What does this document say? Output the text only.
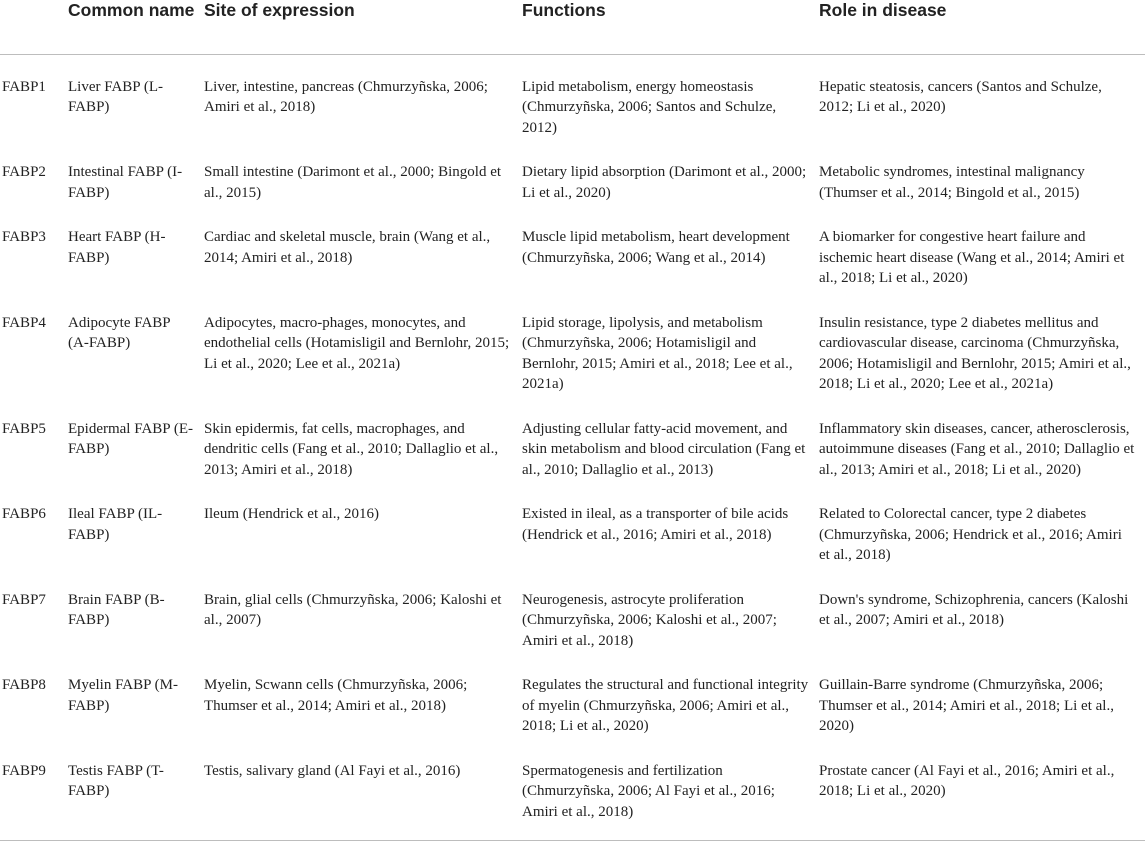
	Common name	Site of expression	Functions	Role in disease
FABP1	Liver FABP (L-FABP)	Liver, intestine, pancreas (Chmurzyñska, 2006; Amiri et al., 2018)	Lipid metabolism, energy homeostasis (Chmurzyñska, 2006; Santos and Schulze, 2012)	Hepatic steatosis, cancers (Santos and Schulze, 2012; Li et al., 2020)
FABP2	Intestinal FABP (I-FABP)	Small intestine (Darimont et al., 2000; Bingold et al., 2015)	Dietary lipid absorption (Darimont et al., 2000; Li et al., 2020)	Metabolic syndromes, intestinal malignancy (Thumser et al., 2014; Bingold et al., 2015)
FABP3	Heart FABP (H-FABP)	Cardiac and skeletal muscle, brain (Wang et al., 2014; Amiri et al., 2018)	Muscle lipid metabolism, heart development (Chmurzyñska, 2006; Wang et al., 2014)	A biomarker for congestive heart failure and ischemic heart disease (Wang et al., 2014; Amiri et al., 2018; Li et al., 2020)
FABP4	Adipocyte FABP (A-FABP)	Adipocytes, macro-phages, monocytes, and endothelial cells (Hotamisligil and Bernlohr, 2015; Li et al., 2020; Lee et al., 2021a)	Lipid storage, lipolysis, and metabolism (Chmurzyñska, 2006; Hotamisligil and Bernlohr, 2015; Amiri et al., 2018; Lee et al., 2021a)	Insulin resistance, type 2 diabetes mellitus and cardiovascular disease, carcinoma (Chmurzyñska, 2006; Hotamisligil and Bernlohr, 2015; Amiri et al., 2018; Li et al., 2020; Lee et al., 2021a)
FABP5	Epidermal FABP (E-FABP)	Skin epidermis, fat cells, macrophages, and dendritic cells (Fang et al., 2010; Dallaglio et al., 2013; Amiri et al., 2018)	Adjusting cellular fatty-acid movement, and skin metabolism and blood circulation (Fang et al., 2010; Dallaglio et al., 2013)	Inflammatory skin diseases, cancer, atherosclerosis, autoimmune diseases (Fang et al., 2010; Dallaglio et al., 2013; Amiri et al., 2018; Li et al., 2020)
FABP6	Ileal FABP (IL-FABP)	Ileum (Hendrick et al., 2016)	Existed in ileal, as a transporter of bile acids (Hendrick et al., 2016; Amiri et al., 2018)	Related to Colorectal cancer, type 2 diabetes (Chmurzyñska, 2006; Hendrick et al., 2016; Amiri et al., 2018)
FABP7	Brain FABP (B-FABP)	Brain, glial cells (Chmurzyñska, 2006; Kaloshi et al., 2007)	Neurogenesis, astrocyte proliferation (Chmurzyñska, 2006; Kaloshi et al., 2007; Amiri et al., 2018)	Down's syndrome, Schizophrenia, cancers (Kaloshi et al., 2007; Amiri et al., 2018)
FABP8	Myelin FABP (M-FABP)	Myelin, Scwann cells (Chmurzyñska, 2006; Thumser et al., 2014; Amiri et al., 2018)	Regulates the structural and functional integrity of myelin (Chmurzyñska, 2006; Amiri et al., 2018; Li et al., 2020)	Guillain-Barre syndrome (Chmurzyñska, 2006; Thumser et al., 2014; Amiri et al., 2018; Li et al., 2020)
FABP9	Testis FABP (T-FABP)	Testis, salivary gland (Al Fayi et al., 2016)	Spermatogenesis and fertilization (Chmurzyñska, 2006; Al Fayi et al., 2016; Amiri et al., 2018)	Prostate cancer (Al Fayi et al., 2016; Amiri et al., 2018; Li et al., 2020)
